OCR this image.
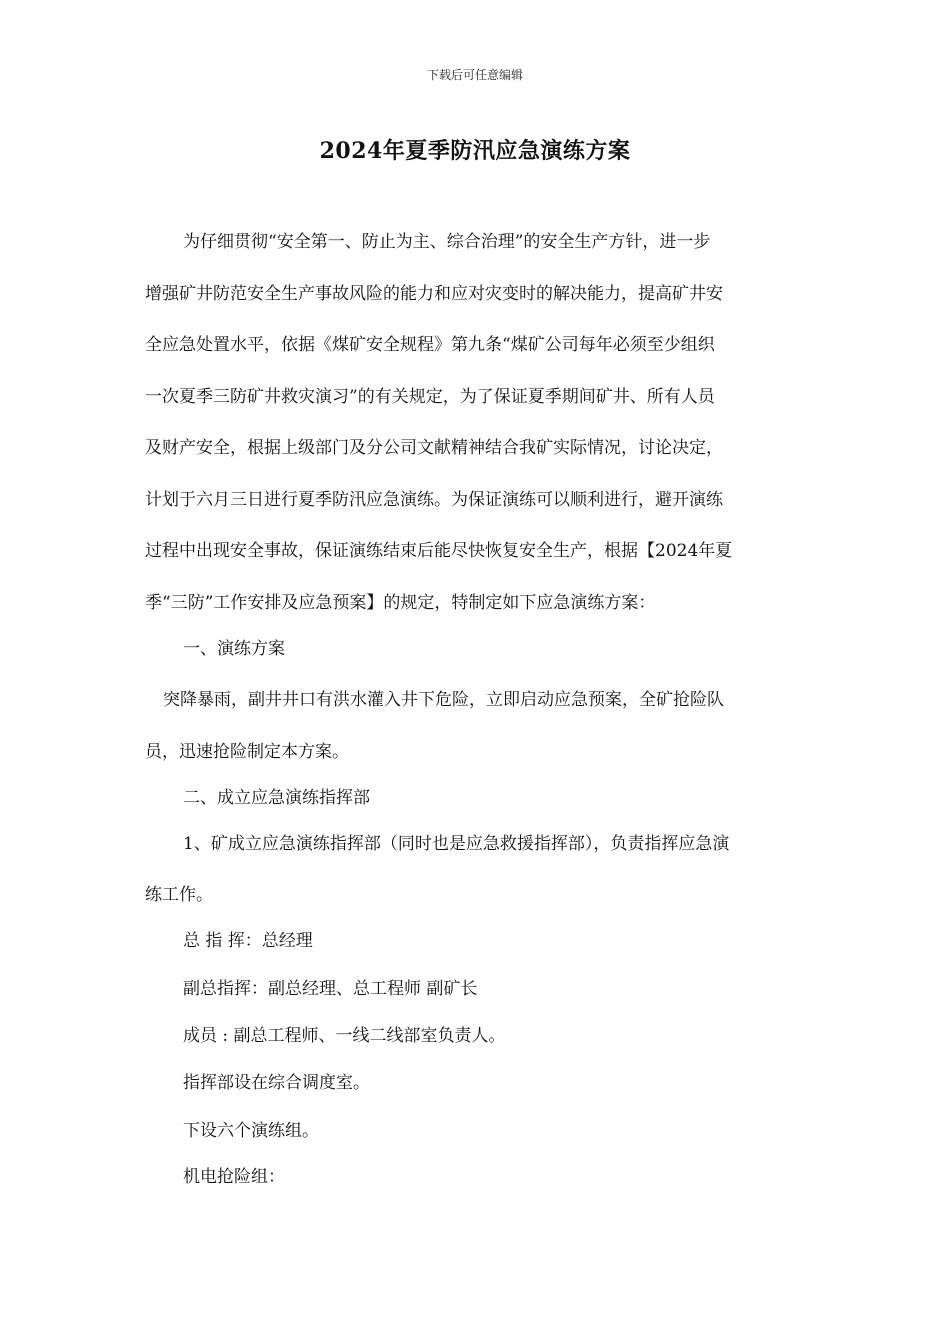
下载后可任意编辑
2024年夏季防汛应急演练方案
为仔细贯彻“安全第一、防止为主、综合治理”的安全生产方针，进一步
增强矿井防范安全生产事故风险的能力和应对灾变时的解决能力，提高矿井安
全应急处置水平，依据《煤矿安全规程》第九条“煤矿公司每年必须至少组织
一次夏季三防矿井救灾演习”的有关规定，为了保证夏季期间矿井、所有人员
及财产安全，根据上级部门及分公司文献精神结合我矿实际情况，讨论决定，
计划于六月三日进行夏季防汛应急演练。为保证演练可以顺利进行，避开演练
过程中出现安全事故，保证演练结束后能尽快恢复安全生产，根据【2024年夏
季“三防”工作安排及应急预案】的规定，特制定如下应急演练方案：
一、演练方案
突降暴雨，副井井口有洪水灌入井下危险，立即启动应急预案，全矿抢险队
员，迅速抢险制定本方案。
二、成立应急演练指挥部
1、矿成立应急演练指挥部（同时也是应急救援指挥部），负责指挥应急演
练工作。
总 指 挥：总经理
副总指挥：副总经理、总工程师 副矿长
成员 : 副总工程师、一线二线部室负责人。
指挥部设在综合调度室。
下设六个演练组。
机电抢险组：
